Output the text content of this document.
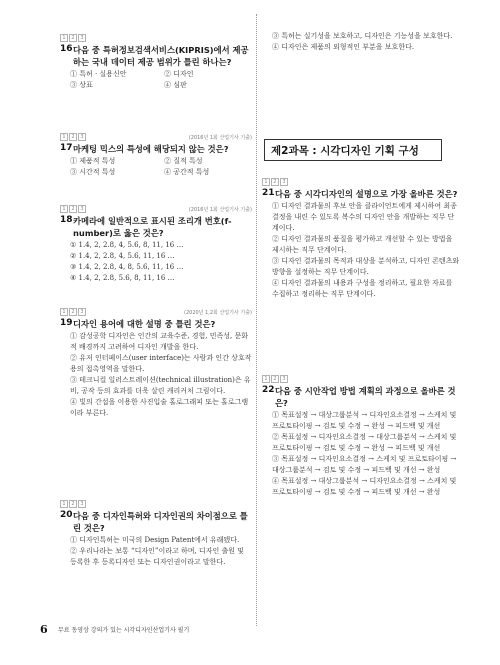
1	2	3
16 다음 중 특허정보검색서비스(KIPRIS)에서 제공하는 국내 데이터 제공 범위가 틀린 하나는?
① 특허 · 실용신안	② 디자인
③ 상표	④ 심판
1	2	3	(2016년 1회 산업기사 기출)
17 마케팅 믹스의 특성에 해당되지 않는 것은?
① 제품적 특성	② 질적 특성
③ 시간적 특성	④ 공간적 특성
1	2	3	(2016년 1회 산업기사 기출)
18 카메라에 일반적으로 표시된 조리개 번호(f-number)로 옳은 것은?
① 1.4, 2, 2.8, 4, 5.6, 8, 11, 16 …
② 1.4, 2, 2.8, 4, 5.6, 11, 16 …
③ 1.4, 2, 2.8, 4, 8, 5.6, 11, 16 …
④ 1.4, 2, 2.8, 5.6, 8, 11, 16 …
1	2	3	(2020년 1,2회 산업기사 기출)
19 디자인 용어에 대한 설명 중 틀린 것은?
① 감성공학 디자인은 인간의 교육수준, 경험, 민족성, 문화적 배경까지 고려하여 디자인 개발을 한다.
② 유저 인터페이스(user interface)는 사람과 인간 상호작용의 접촉영역을 말한다.
③ 테크니컬 일러스트레이션(technical illustration)은 유비, 공작 등의 효과를 더욱 살린 캐리커처 그림이다.
④ 빛의 간섭을 이용한 사진입술 홀로그래피 또는 홀로그램이라 부른다.
1	2	3
20 다음 중 디자인특허와 디자인권의 차이점으로 틀린 것은?
① 디자인특허는 미국의 Design Patent에서 유래됐다.
② 우리나라는 보통 “디자인”이라고 하며, 디자인 출원 및 등록한 후 등록디자인 또는 디자인권이라고 말한다.
③ 특허는 실기성을 보호하고, 디자인은 기능성을 보호한다.
④ 디자인은 제품의 외형적인 부분을 보호한다.
제2과목 : 시각디자인 기획 구성
1	2	3
21 다음 중 시각디자인의 설명으로 가장 올바른 것은?
① 디자인 결과물의 후보 안을 클라이언트에게 제시하여 최종 결정을 내린 수 있도록 복수의 디자인 안을 개발하는 직무 단계이다.
② 디자인 결과물의 품질을 평가하고 개선할 수 있는 방법을 제시하는 직무 단계이다.
③ 디자인 결과물의 목적과 대상을 분석하고, 디자인 콘텐츠와 방향을 설정하는 직무 단계이다.
④ 디자인 결과물의 내용과 구성을 정리하고, 필요한 자료를 수집하고 정리하는 직무 단계이다.
1	2	3
22 다음 중 시안작업 방법 계획의 과정으로 올바른 것은?
① 목표설정 → 대상그룹분석 → 디자인요소결정 → 스케치 및 프로토타이핑 → 검토 및 수정 → 완성 → 피드백 및 개선
② 목표설정 → 디자인요소결정 → 대상그룹분석 → 스케치 및 프로토타이핑 → 검토 및 수정 → 완성 → 피드백 및 개선
③ 목표설정 → 디자인요소결정 → 스케치 및 프로토타이핑 → 대상그룹분석 → 검토 및 수정 → 피드백 및 개선 → 완성
④ 목표설정 → 대상그룹분석 → 디자인요소결정 → 스케치 및 프로토타이핑 → 검토 및 수정 → 피드백 및 개선 → 완성
6	무료 동영상 강의가 있는 시각디자인산업기사 필기
